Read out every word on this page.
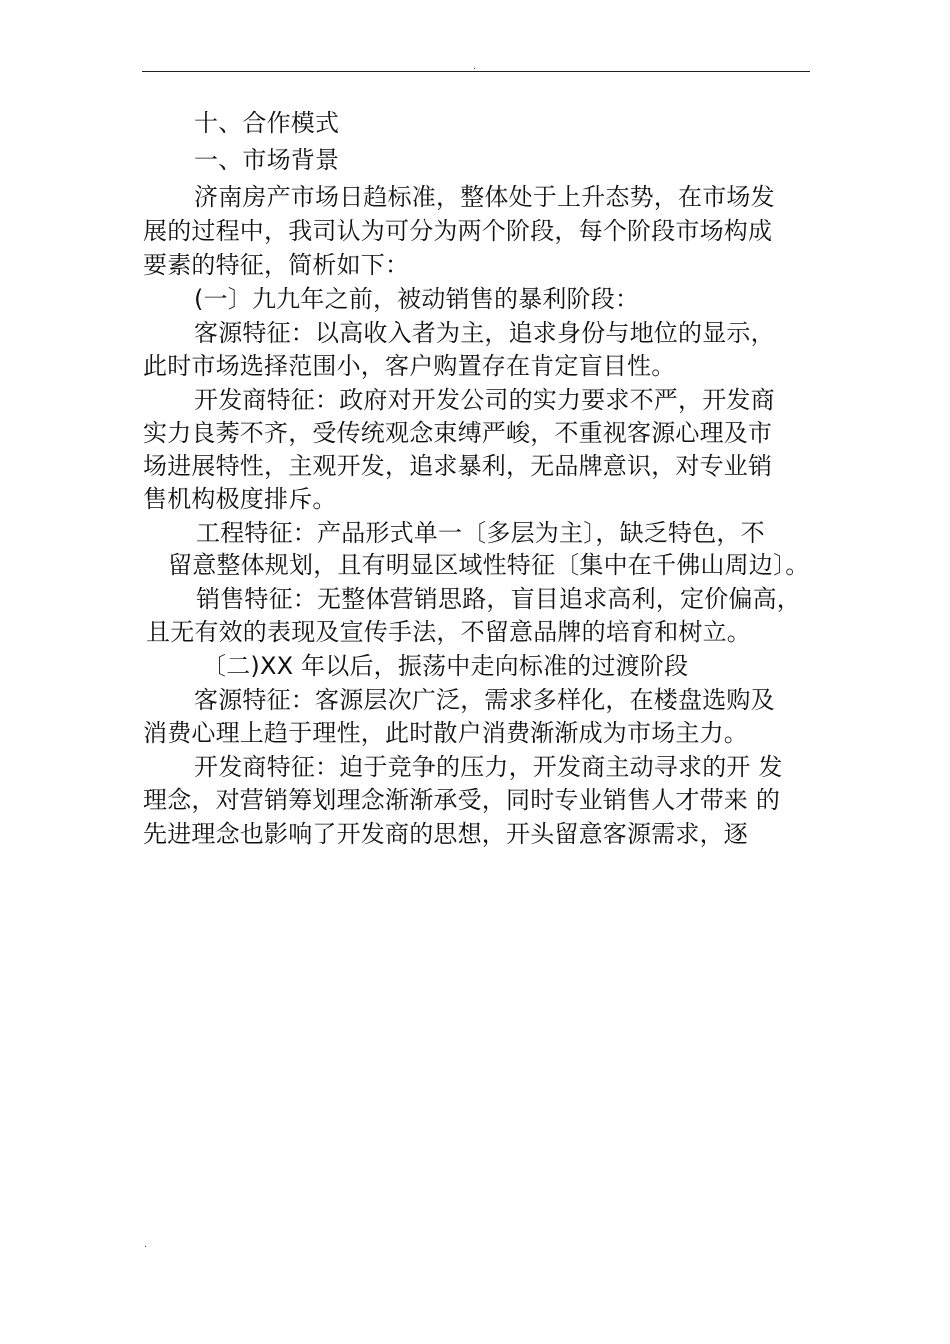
.
十、合作模式
一、市场背景
济南房产市场日趋标准，整体处于上升态势，在市场发
展的过程中，我司认为可分为两个阶段，每个阶段市场构成
要素的特征，简析如下：
(一〕九九年之前，被动销售的暴利阶段：
客源特征：以高收入者为主，追求身份与地位的显示，
此时市场选择范围小，客户购置存在肯定盲目性。
开发商特征：政府对开发公司的实力要求不严，开发商
实力良莠不齐，受传统观念束缚严峻，不重视客源心理及市
场进展特性，主观开发，追求暴利，无品牌意识，对专业销
售机构极度排斥。
工程特征：产品形式单一〔多层为主〕，缺乏特色，不
留意整体规划，且有明显区域性特征〔集中在千佛山周边〕。
销售特征：无整体营销思路，盲目追求高利，定价偏高，
且无有效的表现及宣传手法，不留意品牌的培育和树立。
〔二)XX 年以后，振荡中走向标准的过渡阶段
客源特征：客源层次广泛，需求多样化，在楼盘选购及
消费心理上趋于理性，此时散户消费渐渐成为市场主力。
开发商特征：迫于竞争的压力，开发商主动寻求的开 发
理念，对营销筹划理念渐渐承受，同时专业销售人才带来 的
先进理念也影响了开发商的思想，开头留意客源需求，逐
.
